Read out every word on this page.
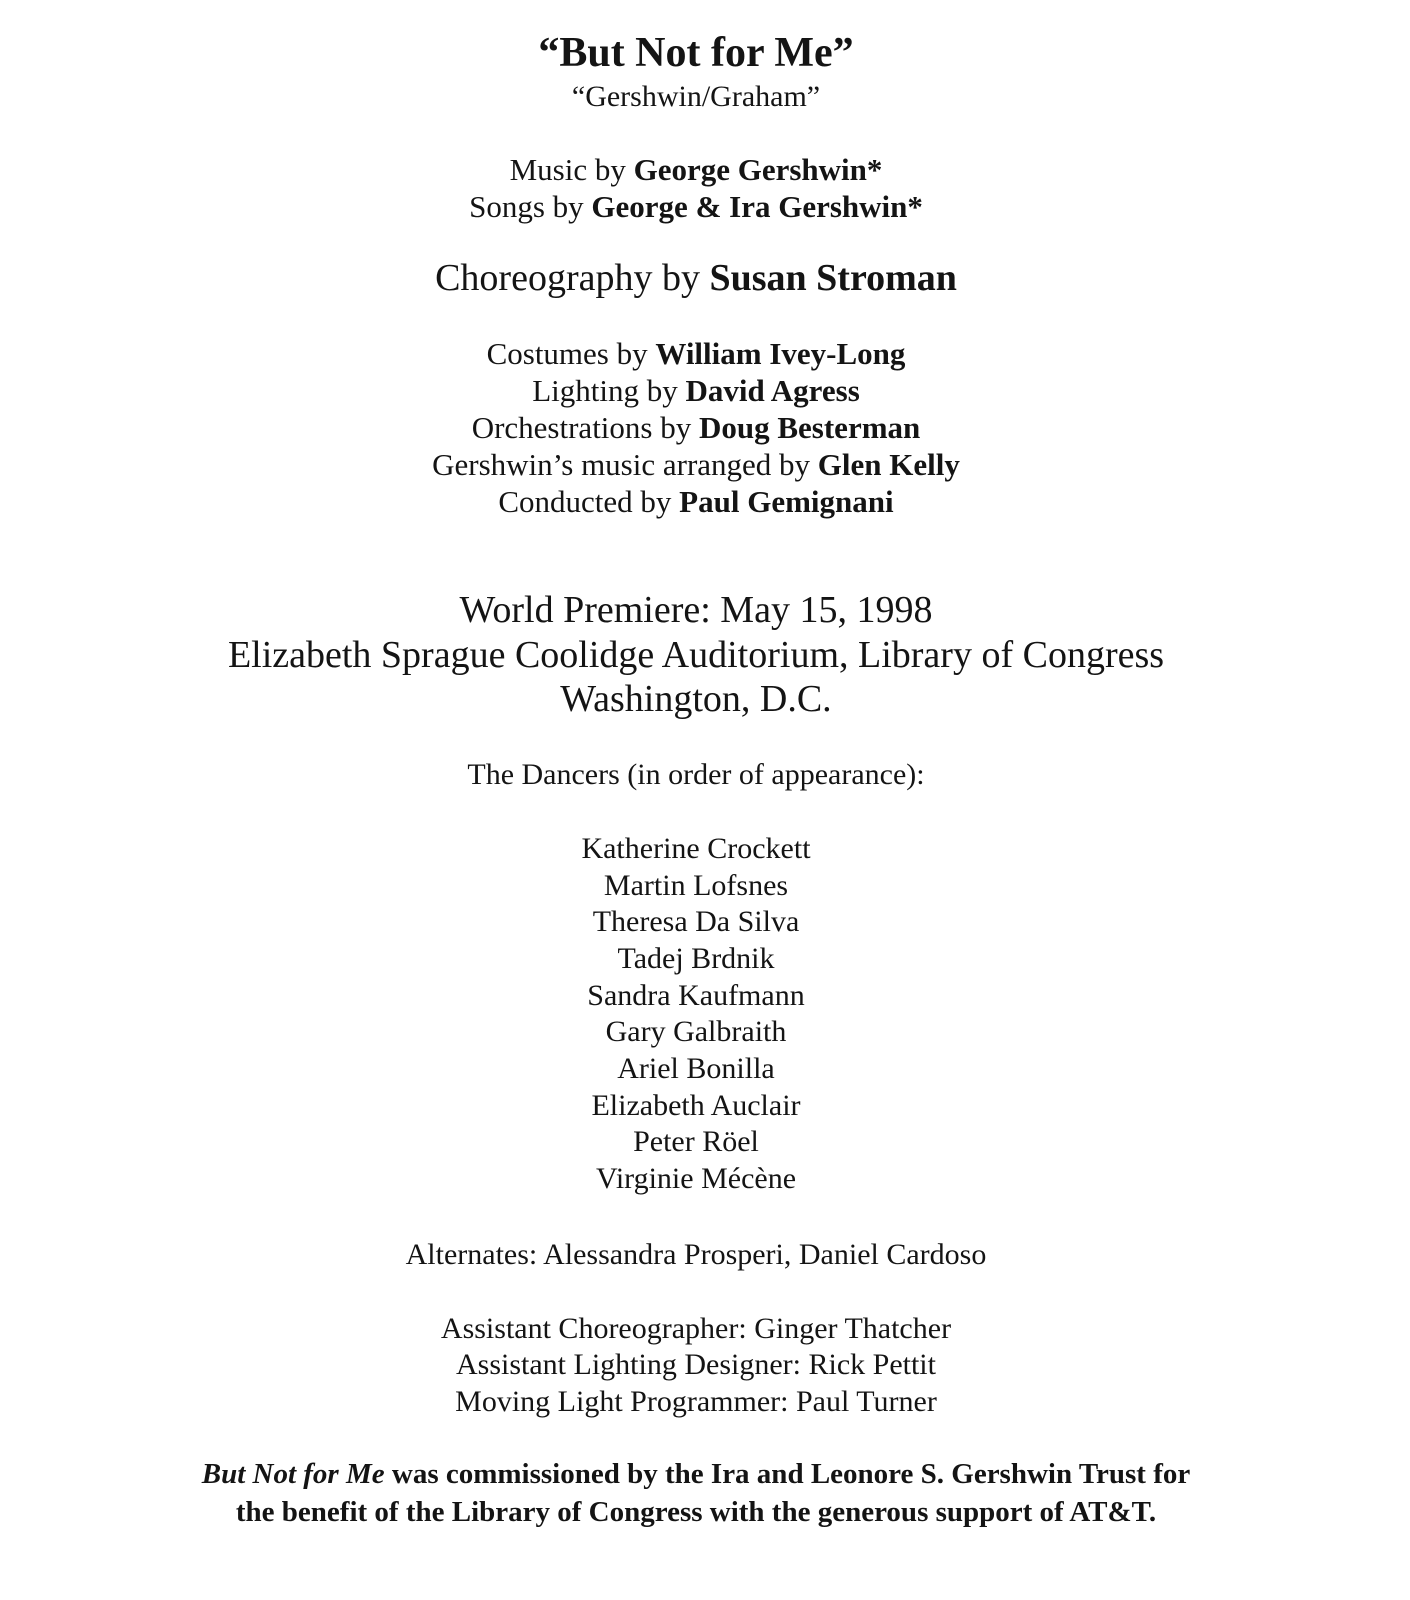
“But Not for Me”
“Gershwin/Graham”
Music by George Gershwin*
Songs by George & Ira Gershwin*
Choreography by Susan Stroman
Costumes by William Ivey-Long
Lighting by David Agress
Orchestrations by Doug Besterman
Gershwin’s music arranged by Glen Kelly
Conducted by Paul Gemignani
World Premiere: May 15, 1998
Elizabeth Sprague Coolidge Auditorium, Library of Congress
Washington, D.C.
The Dancers (in order of appearance):
Katherine Crockett
Martin Lofsnes
Theresa Da Silva
Tadej Brdnik
Sandra Kaufmann
Gary Galbraith
Ariel Bonilla
Elizabeth Auclair
Peter Röel
Virginie Mécène
Alternates: Alessandra Prosperi, Daniel Cardoso
Assistant Choreographer: Ginger Thatcher
Assistant Lighting Designer: Rick Pettit
Moving Light Programmer: Paul Turner
But Not for Me was commissioned by the Ira and Leonore S. Gershwin Trust for
the benefit of the Library of Congress with the generous support of AT&T.
